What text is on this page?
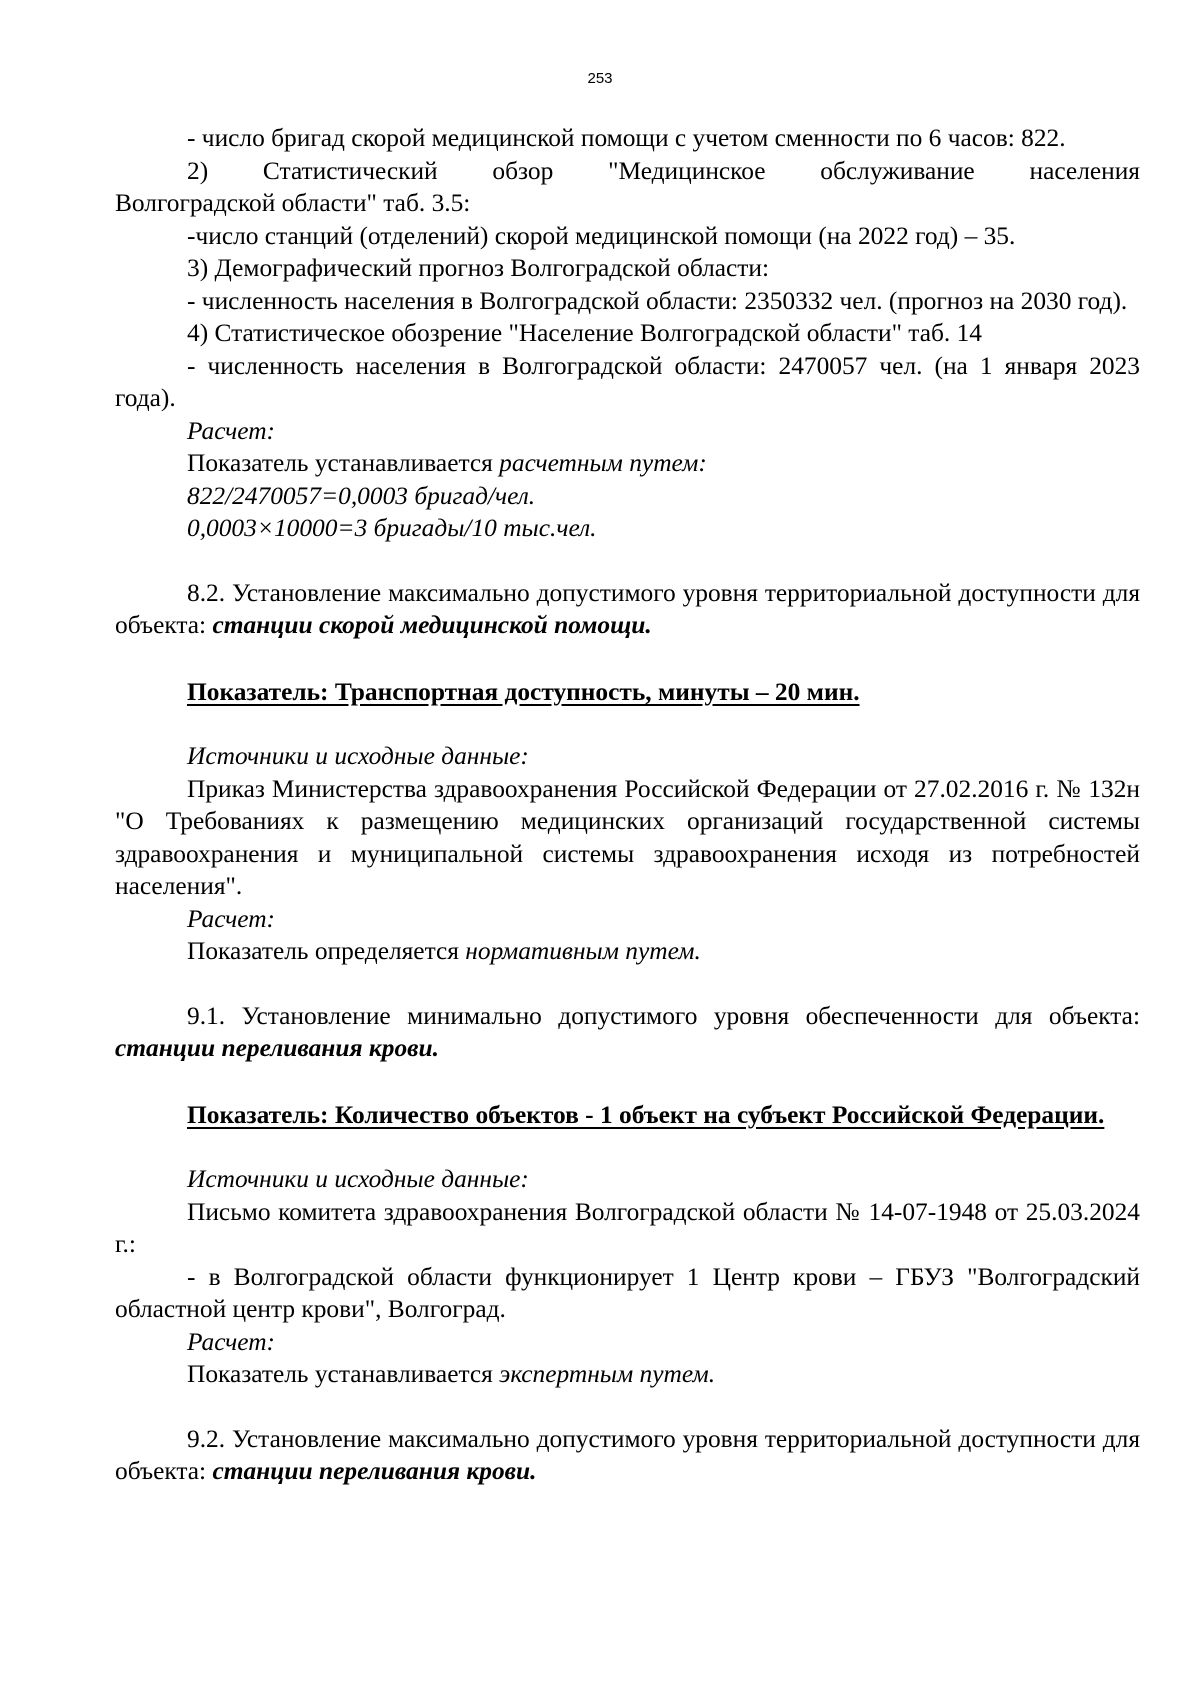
253

- число бригад скорой медицинской помощи с учетом сменности по 6 часов: 822.

2) Статистический обзор "Медицинское обслуживание населения

Волгоградской области" таб. 3.5:

-число станций (отделений) скорой медицинской помощи (на 2022 год) – 35.

3) Демографический прогноз Волгоградской области:

- численность населения в Волгоградской области: 2350332 чел. (прогноз на 2030 год).

4) Статистическое обозрение "Население Волгоградской области" таб. 14

- численность населения в Волгоградской области: 2470057 чел. (на 1 января 2023 года).

Расчет:

Показатель устанавливается расчетным путем:

822/2470057=0,0003 бригад/чел.

0,0003×10000=3 бригады/10 тыс.чел.

8.2. Установление максимально допустимого уровня территориальной доступности для объекта: станции скорой медицинской помощи.

Показатель: Транспортная доступность, минуты – 20 мин.

Источники и исходные данные:

Приказ Министерства здравоохранения Российской Федерации от 27.02.2016 г. № 132н "О Требованиях к размещению медицинских организаций государственной системы здравоохранения и муниципальной системы здравоохранения исходя из потребностей населения".

Расчет:

Показатель определяется нормативным путем.

9.1. Установление минимально допустимого уровня обеспеченности для объекта: станции переливания крови.

Показатель: Количество объектов - 1 объект на субъект Российской Федерации.

Источники и исходные данные:

Письмо комитета здравоохранения Волгоградской области № 14-07-1948 от 25.03.2024 г.:

- в Волгоградской области функционирует 1 Центр крови – ГБУЗ "Волгоградский областной центр крови", Волгоград.

Расчет:

Показатель устанавливается экспертным путем.

9.2. Установление максимально допустимого уровня территориальной доступности для объекта: станции переливания крови.
